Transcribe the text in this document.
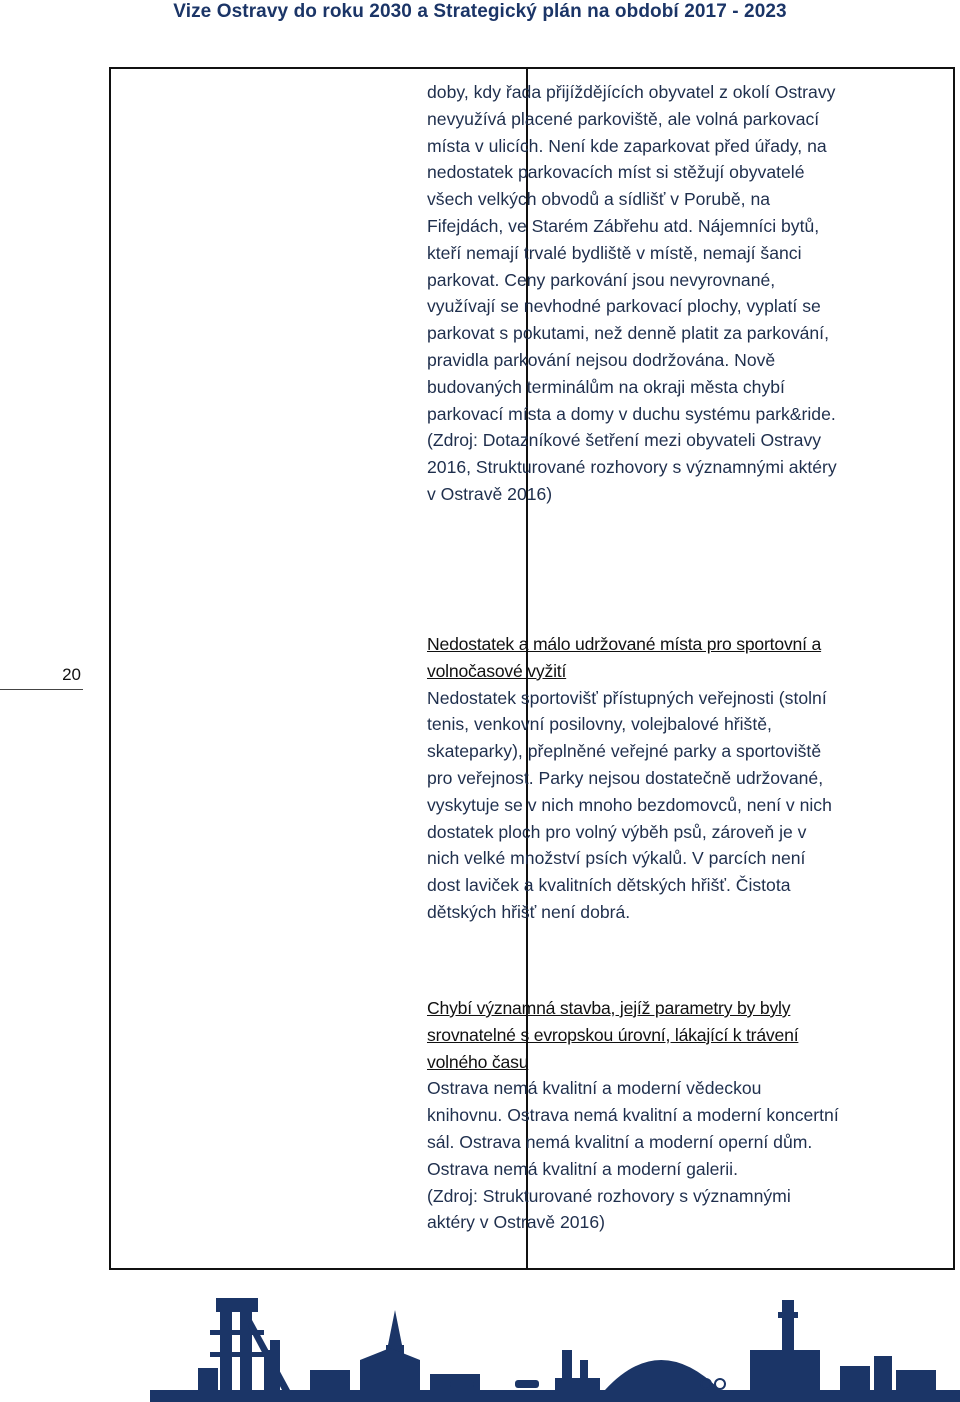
Vize Ostravy do roku 2030 a Strategický plán na období 2017 - 2023
20

doby, kdy řada přijíždějících obyvatel z okolí Ostravy nevyužívá placené parkoviště, ale volná parkovací místa v ulicích. Není kde zaparkovat před úřady, na nedostatek parkovacích míst si stěžují obyvatelé všech velkých obvodů a sídlišť v Porubě, na Fifejdách, ve Starém Zábřehu atd. Nájemníci bytů, kteří nemají trvalé bydliště v místě, nemají šanci parkovat. Ceny parkování jsou nevyrovnané, využívají se nevhodné parkovací plochy, vyplatí se parkovat s pokutami, než denně platit za parkování, pravidla parkování nejsou dodržována. Nově budovaných terminálům na okraji města chybí parkovací místa a domy v duchu systému park&ride.

(Zdroj: Dotazníkové šetření mezi obyvateli Ostravy 2016, Strukturované rozhovory s významnými aktéry v Ostravě 2016)

Nedostatek a málo udržované místa pro sportovní a volnočasové vyžití

Nedostatek sportovišť přístupných veřejnosti (stolní tenis, venkovní posilovny, volejbalové hřiště, skateparky), přeplněné veřejné parky a sportoviště pro veřejnost. Parky nejsou dostatečně udržované, vyskytuje se v nich mnoho bezdomovců, není v nich dostatek ploch pro volný výběh psů, zároveň je v nich velké množství psích výkalů. V parcích není dost laviček a kvalitních dětských hřišť. Čistota dětských hřišť není dobrá.

Chybí významná stavba, jejíž parametry by byly srovnatelné s evropskou úrovní, lákající k trávení volného času

Ostrava nemá kvalitní a moderní vědeckou knihovnu. Ostrava nemá kvalitní a moderní koncertní sál. Ostrava nemá kvalitní a moderní operní dům. Ostrava nemá kvalitní a moderní galerii.

(Zdroj: Strukturované rozhovory s významnými aktéry v Ostravě 2016)
